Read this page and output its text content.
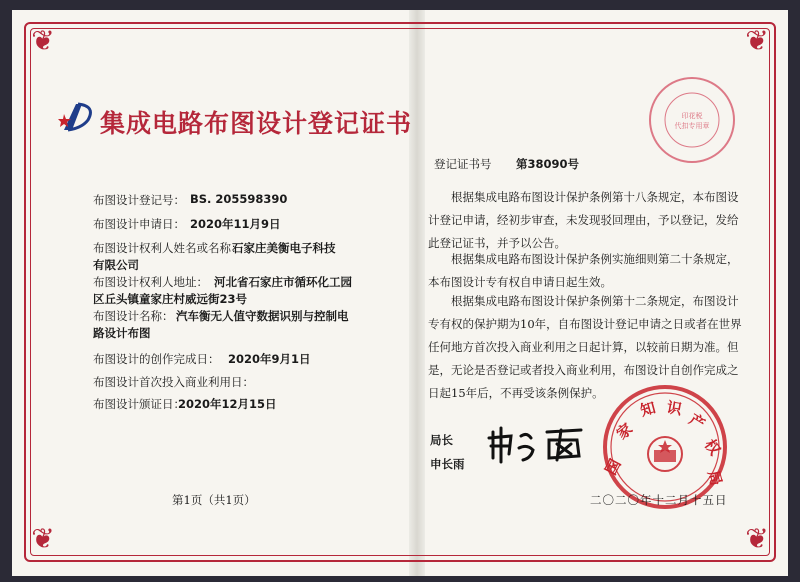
❦	❦
❦	❦
集成电路布图设计登记证书
布图设计登记号： BS. 205598390
布图设计申请日： 2020年11月9日
布图设计权利人姓名或名称：
石家庄美衡电子科技
有限公司
布图设计权利人地址： 河北省石家庄市循环化工园
区丘头镇童家庄村威远街23号
布图设计名称： 汽车衡无人值守数据识别与控制电
路设计布图
布图设计的创作完成日： 2020年9月1日
布图设计首次投入商业利用日：
布图设计颁证日：
2020年12月15日
第1页（共1页）
登记证书号 第38090号
根据集成电路布图设计保护条例第十八条规定，本布图设
计登记申请，经初步审查，未发现驳回理由，予以登记，发给
此登记证书，并予以公告。
根据集成电路布图设计保护条例实施细则第二十条规定，
本布图设计专有权自申请日起生效。
根据集成电路布图设计保护条例第十二条规定，布图设计
专有权的保护期为10年，自布图设计登记申请之日或者在世界
任何地方首次投入商业利用之日起计算，以较前日期为准。但
是，无论是否登记或者投入商业利用，布图设计自创作完成之
日起15年后，不再受该条例保护。
局长
申长雨	国
家
知 识
产
权
局
印花税
代扣专用章
二〇二〇年十二月十五日
